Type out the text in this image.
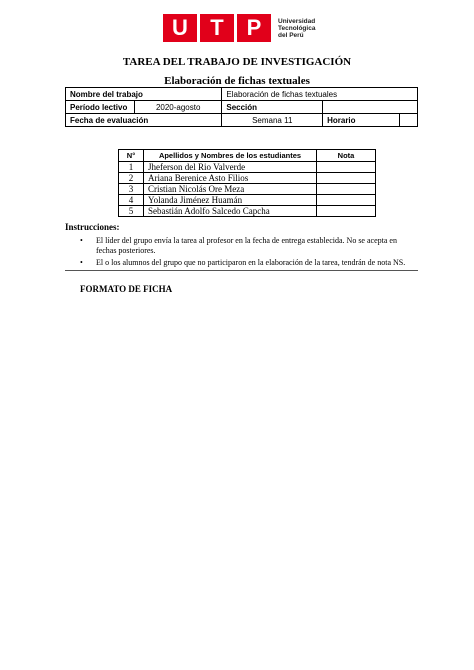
U	T	P	Universidad
Tecnológica
del Perú
TAREA DEL TRABAJO DE INVESTIGACIÓN
Elaboración de fichas textuales
Nombre del trabajo		Elaboración de fichas textuales		
Período lectivo	2020-agosto	Sección		
Fecha de evaluación		Semana 11	Horario	
N°	Apellidos y Nombres de los estudiantes	Nota
1	Jheferson del Rio Valverde	
2	Ariana Berenice Asto Filios	
3	Cristian Nicolás Ore Meza	
4	Yolanda Jiménez Huamán	
5	Sebastián Adolfo Salcedo Capcha	
Instrucciones:
• El líder del grupo envía la tarea al profesor en la fecha de entrega establecida. No se acepta en fechas posteriores.
• El o los alumnos del grupo que no participaron en la elaboración de la tarea, tendrán de nota NS.
FORMATO DE FICHA
